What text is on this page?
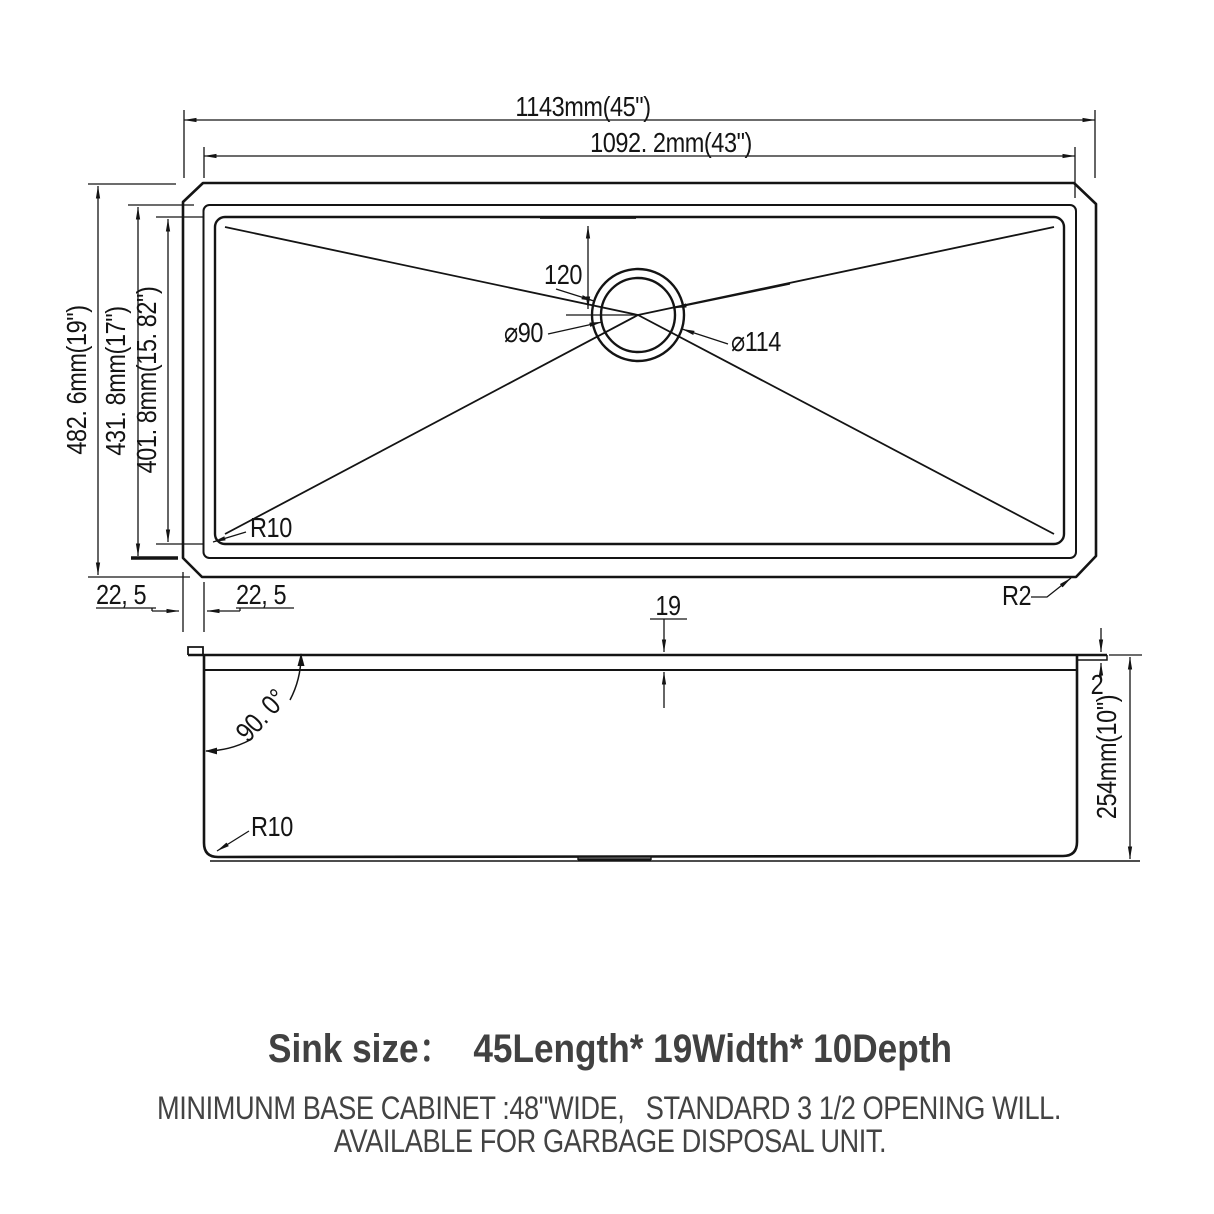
1143mm(45")
1092. 2mm(43")
482. 6mm(19") 431. 8mm(17") 401. 8mm(15. 82")
120
⌀90	⌀114
R10
R2
22, 5	22, 5
90. 0°
R10
19
2
254mm(10")
Sink size：  45Length* 19Width* 10Depth
MINIMUNM BASE CABINET :48"WIDE,   STANDARD 3 1/2 OPENING WILL.
AVAILABLE FOR GARBAGE DISPOSAL UNIT.
